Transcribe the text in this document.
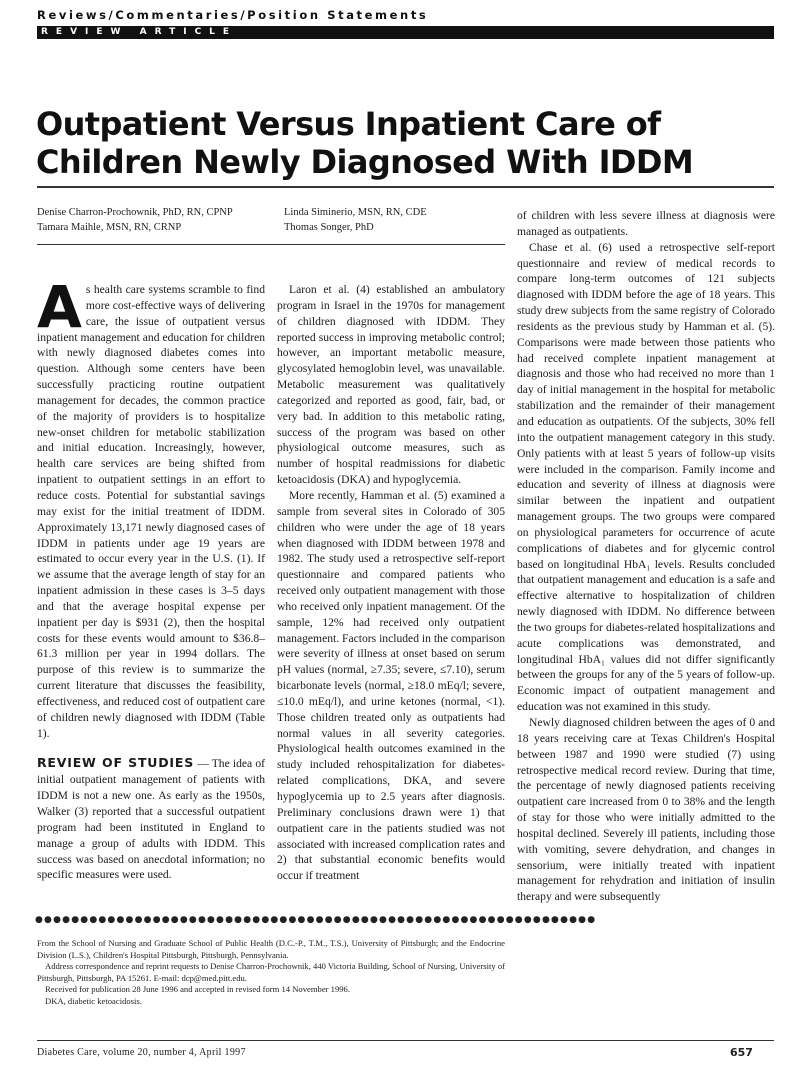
Reviews/Commentaries/Position Statements
REVIEW ARTICLE
Outpatient Versus Inpatient Care of
Children Newly Diagnosed With IDDM
Denise Charron-Prochownik, PhD, RN, CPNP
Tamara Maihle, MSN, RN, CRNP
Linda Siminerio, MSN, RN, CDE
Thomas Songer, PhD

As health care systems scramble to find more cost-effective ways of delivering care, the issue of outpatient versus inpatient management and education for children with newly diagnosed diabetes comes into question. Although some centers have been successfully practicing routine outpatient management for decades, the common practice of the majority of providers is to hospitalize new-onset children for metabolic stabilization and initial education. Increasingly, however, health care services are being shifted from inpatient to outpatient settings in an effort to reduce costs. Potential for substantial savings may exist for the initial treatment of IDDM. Approximately 13,171 newly diagnosed cases of IDDM in patients under age 19 years are estimated to occur every year in the U.S. (1). If we assume that the average length of stay for an inpatient admission in these cases is 3–5 days and that the average hospital expense per inpatient per day is $931 (2), then the hospital costs for these events would amount to $36.8–61.3 million per year in 1994 dollars. The purpose of this review is to summarize the current literature that discusses the feasibility, effectiveness, and reduced cost of outpatient care of children newly diagnosed with IDDM (Table 1).

REVIEW OF STUDIES — The idea of initial outpatient management of patients with IDDM is not a new one. As early as the 1950s, Walker (3) reported that a successful outpatient program had been instituted in England to manage a group of adults with IDDM. This success was based on anecdotal information; no specific measures were used.

Laron et al. (4) established an ambulatory program in Israel in the 1970s for management of children diagnosed with IDDM. They reported success in improving metabolic control; however, an important metabolic measure, glycosylated hemoglobin level, was unavailable. Metabolic measurement was qualitatively categorized and reported as good, fair, bad, or very bad. In addition to this metabolic rating, success of the program was based on other physiological outcome measures, such as number of hospital readmissions for diabetic ketoacidosis (DKA) and hypoglycemia.

More recently, Hamman et al. (5) examined a sample from several sites in Colorado of 305 children who were under the age of 18 years when diagnosed with IDDM between 1978 and 1982. The study used a retrospective self-report questionnaire and compared patients who received only outpatient management with those who received only inpatient management. Of the sample, 12% had received only outpatient management. Factors included in the comparison were severity of illness at onset based on serum pH values (normal, ≥7.35; severe, ≤7.10), serum bicarbonate levels (normal, ≥18.0 mEq/l; severe, ≤10.0 mEq/l), and urine ketones (normal, <1). Those children treated only as outpatients had normal values in all severity categories. Physiological health outcomes examined in the study included rehospitalization for diabetes-related complications, DKA, and severe hypoglycemia up to 2.5 years after diagnosis. Preliminary conclusions drawn were 1) that outpatient care in the patients studied was not associated with increased complication rates and 2) that substantial economic benefits would occur if treatment

of children with less severe illness at diagnosis were managed as outpatients.

Chase et al. (6) used a retrospective self-report questionnaire and review of medical records to compare long-term outcomes of 121 subjects diagnosed with IDDM before the age of 18 years. This study drew subjects from the same registry of Colorado residents as the previous study by Hamman et al. (5). Comparisons were made between those patients who had received complete inpatient management at diagnosis and those who had received no more than 1 day of initial management in the hospital for metabolic stabilization and the remainder of their management and education as outpatients. Of the subjects, 30% fell into the outpatient management category in this study. Only patients with at least 5 years of follow-up visits were included in the comparison. Family income and education and severity of illness at diagnosis were similar between the inpatient and outpatient management groups. The two groups were compared on physiological parameters for occurrence of acute complications of diabetes and for glycemic control based on longitudinal HbA₁ levels. Results concluded that outpatient management and education is a safe and effective alternative to hospitalization of children newly diagnosed with IDDM. No difference between the two groups for diabetes-related hospitalizations and acute complications was demonstrated, and longitudinal HbA₁ values did not differ significantly between the groups for any of the 5 years of follow-up. Economic impact of outpatient management and education was not examined in this study.

Newly diagnosed children between the ages of 0 and 18 years receiving care at Texas Children's Hospital between 1987 and 1990 were studied (7) using retrospective medical record review. During that time, the percentage of newly diagnosed patients receiving outpatient care increased from 0 to 38% and the length of stay for those who were initially admitted to the hospital declined. Severely ill patients, including those with vomiting, severe dehydration, and changes in sensorium, were initially treated with inpatient management for rehydration and initiation of insulin therapy and were subsequently

●●●●●●●●●●●●●●●●●●●●●●●●●●●●●●●●●●●●●●●●●●●●●●●●●●●●●●●●●●●●●●

From the School of Nursing and Graduate School of Public Health (D.C.-P., T.M., T.S.), University of Pittsburgh; and the Endocrine Division (L.S.), Children's Hospital Pittsburgh, Pittsburgh, Pennsylvania.

Address correspondence and reprint requests to Denise Charron-Prochownik, 440 Victoria Building, School of Nursing, University of Pittsburgh, Pittsburgh, PA 15261. E-mail: dcp@med.pitt.edu.

Received for publication 28 June 1996 and accepted in revised form 14 November 1996.

DKA, diabetic ketoacidosis.

Diabetes Care, volume 20, number 4, April 1997	657
